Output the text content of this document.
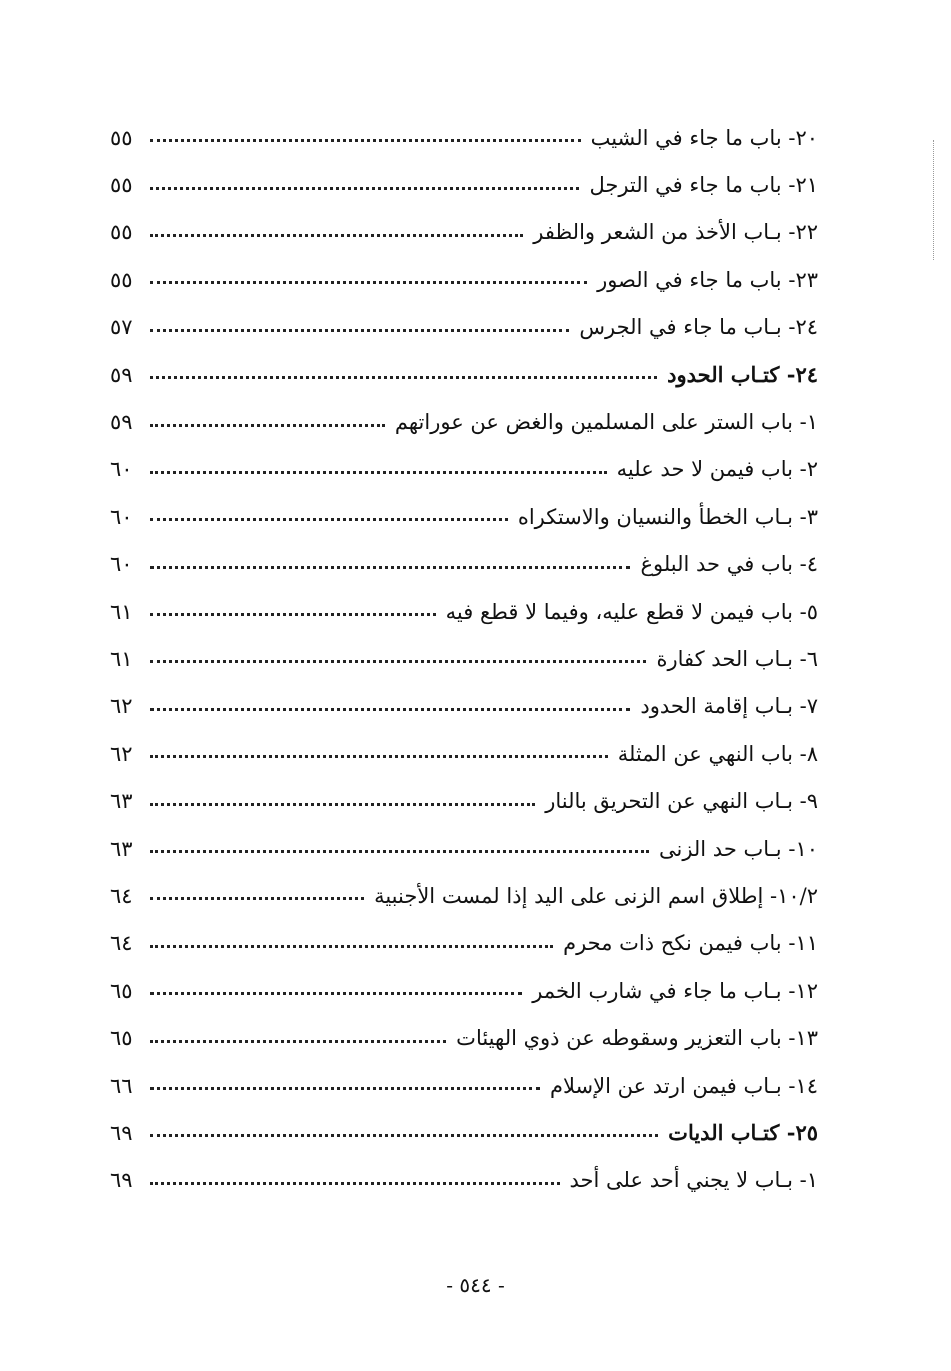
٥٥	٢٠- باب ما جاء في الشيب
٥٥	٢١- باب ما جاء في الترجل
٥٥	٢٢- بـاب الأخذ من الشعر والظفر
٥٥	٢٣- باب ما جاء في الصور
٥٧	٢٤- بـاب ما جاء في الجرس
٥٩	٢٤- كتـاب الحدود
٥٩	١- باب الستر على المسلمين والغض عن عوراتهم
٦٠	٢- باب فيمن لا حد عليه
٦٠	٣- بـاب الخطأ والنسيان والاستكراه
٦٠	٤- باب في حد البلوغ
٦١	٥- باب فيمن لا قطع عليه، وفيما لا قطع فيه
٦١	٦- بـاب الحد كفارة
٦٢	٧- بـاب إقامة الحدود
٦٢	٨- باب النهي عن المثلة
٦٣	٩- بـاب النهي عن التحريق بالنار
٦٣	١٠- بـاب حد الزنى
٦٤	١٠/٢- إطلاق اسم الزنى على اليد إذا لمست الأجنبية
٦٤	١١- باب فيمن نكح ذات محرم
٦٥	١٢- بـاب ما جاء في شارب الخمر
٦٥	١٣- باب التعزير وسقوطه عن ذوي الهيئات
٦٦	١٤- بـاب فيمن ارتد عن الإسلام
٦٩	٢٥- كتـاب الديات
٦٩	١- بـاب لا يجني أحد على أحد
- ٥٤٤ -
